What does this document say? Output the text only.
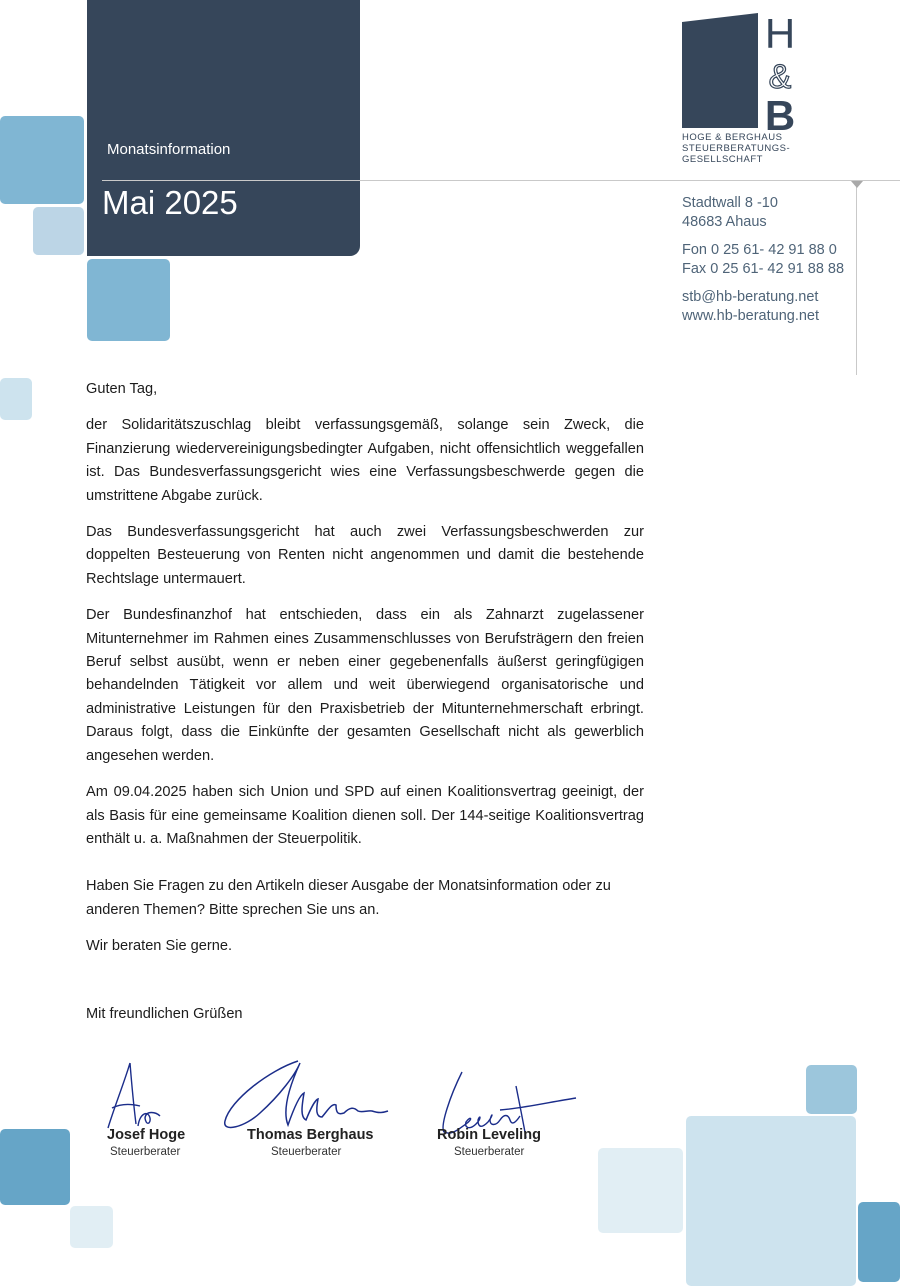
Monatsinformation
Mai 2025
H
&
B
HOGE & BERGHAUS
STEUERBERATUNGS-
GESELLSCHAFT
Stadtwall 8 -10
48683 Ahaus
Fon 0 25 61- 42 91 88 0
Fax 0 25 61- 42 91 88 88
stb@hb-beratung.net
www.hb-beratung.net

Guten Tag,

der Solidaritätszuschlag bleibt verfassungsgemäß, solange sein Zweck, die Finanzierung wiedervereinigungsbedingter Aufgaben, nicht offensichtlich weggefallen ist. Das Bundesverfassungsgericht wies eine Verfassungsbeschwerde gegen die umstrittene Abgabe zurück.

Das Bundesverfassungsgericht hat auch zwei Verfassungsbeschwerden zur doppelten Besteuerung von Renten nicht angenommen und damit die bestehende Rechtslage untermauert.

Der Bundesfinanzhof hat entschieden, dass ein als Zahnarzt zugelassener Mitunternehmer im Rahmen eines Zusammenschlusses von Berufsträgern den freien Beruf selbst ausübt, wenn er neben einer gegebenenfalls äußerst geringfügigen behandelnden Tätigkeit vor allem und weit überwiegend organisatorische und administrative Leistungen für den Praxisbetrieb der Mitunternehmerschaft erbringt. Daraus folgt, dass die Einkünfte der gesamten Gesellschaft nicht als gewerblich angesehen werden.

Am 09.04.2025 haben sich Union und SPD auf einen Koalitionsvertrag geeinigt, der als Basis für eine gemeinsame Koalition dienen soll. Der 144-seitige Koalitionsvertrag enthält u. a. Maßnahmen der Steuerpolitik.

Haben Sie Fragen zu den Artikeln dieser Ausgabe der Monatsinformation oder zu anderen Themen? Bitte sprechen Sie uns an.

Wir beraten Sie gerne.

Mit freundlichen Grüßen
Josef Hoge
Steuerberater
Thomas Berghaus
Steuerberater
Robin Leveling
Steuerberater
